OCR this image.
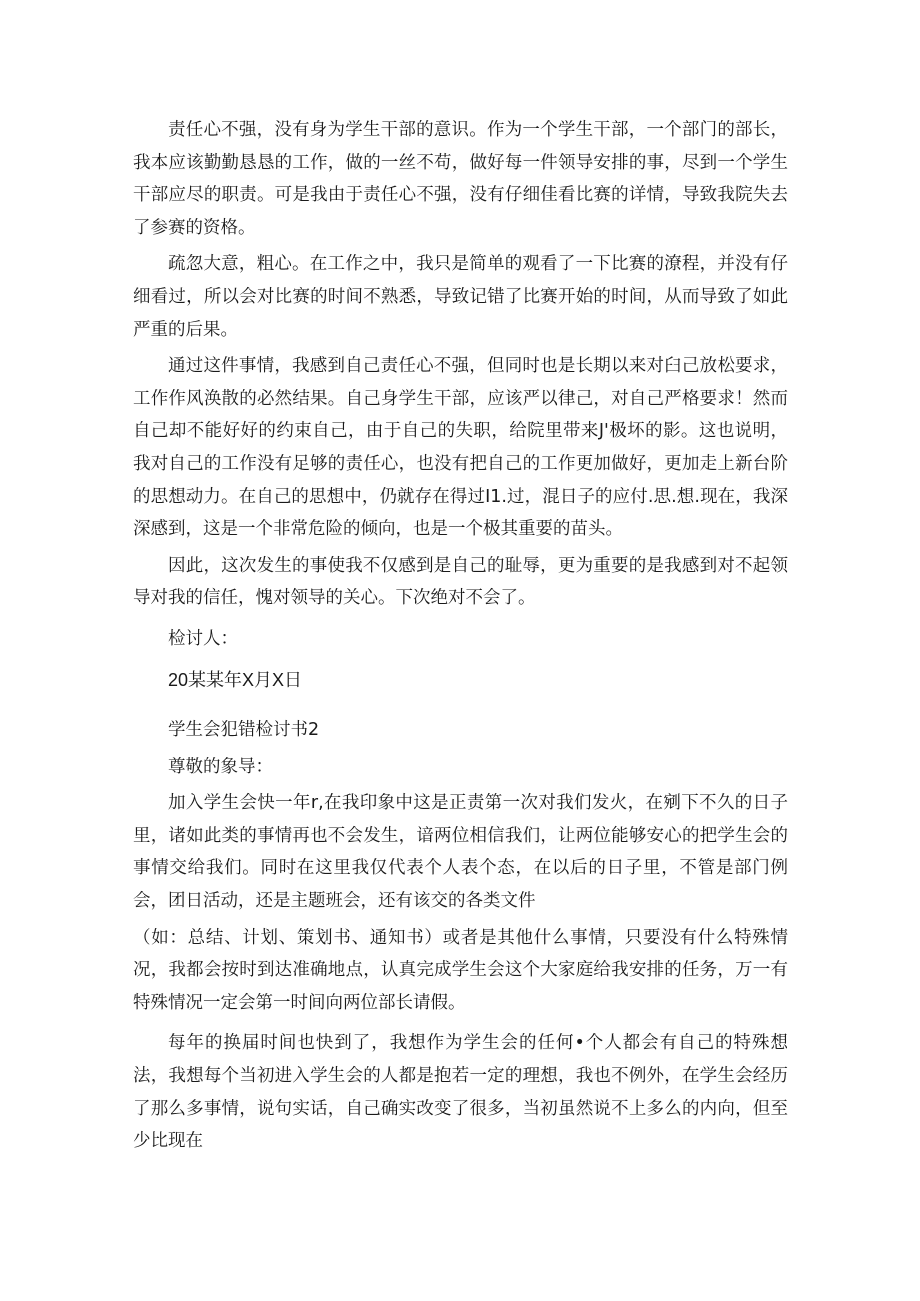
责任心不强，没有身为学生干部的意识。作为一个学生干部，一个部门的部长，我本应该勤勤恳恳的工作，做的一丝不苟，做好每一件领导安排的事，尽到一个学生干部应尽的职责。可是我由于责任心不强，没有仔细佳看比赛的详情，导致我院失去了参赛的资格。

疏忽大意，粗心。在工作之中，我只是简单的观看了一下比赛的潦程，并没有仔细看过，所以会对比赛的时间不熟悉，导致记错了比赛开始的时间，从而导致了如此严重的后果。

通过这件事情，我感到自己责任心不强，但同时也是长期以来对臼己放松要求，工作作风涣散的必然结果。自己身学生干部，应该严以律己，对自己严格要求！然而自己却不能好好的约束自己，由于自己的失职，给院里带来J'极坏的影。这也说明，我对自己的工作没有足够的责任心，也没有把自己的工作更加做好，更加走上新台阶的思想动力。在自己的思想中，仍就存在得过I1.过，混日子的应付.思.想.现在，我深深感到，这是一个非常危险的倾向，也是一个极其重要的苗头。

因此，这次发生的事使我不仅感到是自己的耻辱，更为重要的是我感到对不起领导对我的信任，愧对领导的关心。下次绝对不会了。

检讨人：

20某某年X月X日

学生会犯错检讨书2

尊敬的象导：

加入学生会快一年r,在我印象中这是正责第一次对我们发火，在剜下不久的日子里，诸如此类的事情再也不会发生，谙两位相信我们，让两位能够安心的把学生会的事情交给我们。同时在这里我仅代表个人表个态，在以后的日子里，不管是部门例会，团日活动，还是主题班会，还有该交的各类文件

（如：总结、计划、策划书、通知书）或者是其他什么事情，只要没有什么特殊情况，我都会按时到达准确地点，认真完成学生会这个大家庭给我安排的任务，万一有特殊情况一定会第一时间向两位部长请假。

每年的换届时间也快到了，我想作为学生会的任何•个人都会有自己的特殊想法，我想每个当初进入学生会的人都是抱若一定的理想，我也不例外，在学生会经历了那么多事情，说句实话，自己确实改变了很多，当初虽然说不上多么的内向，但至少比现在
